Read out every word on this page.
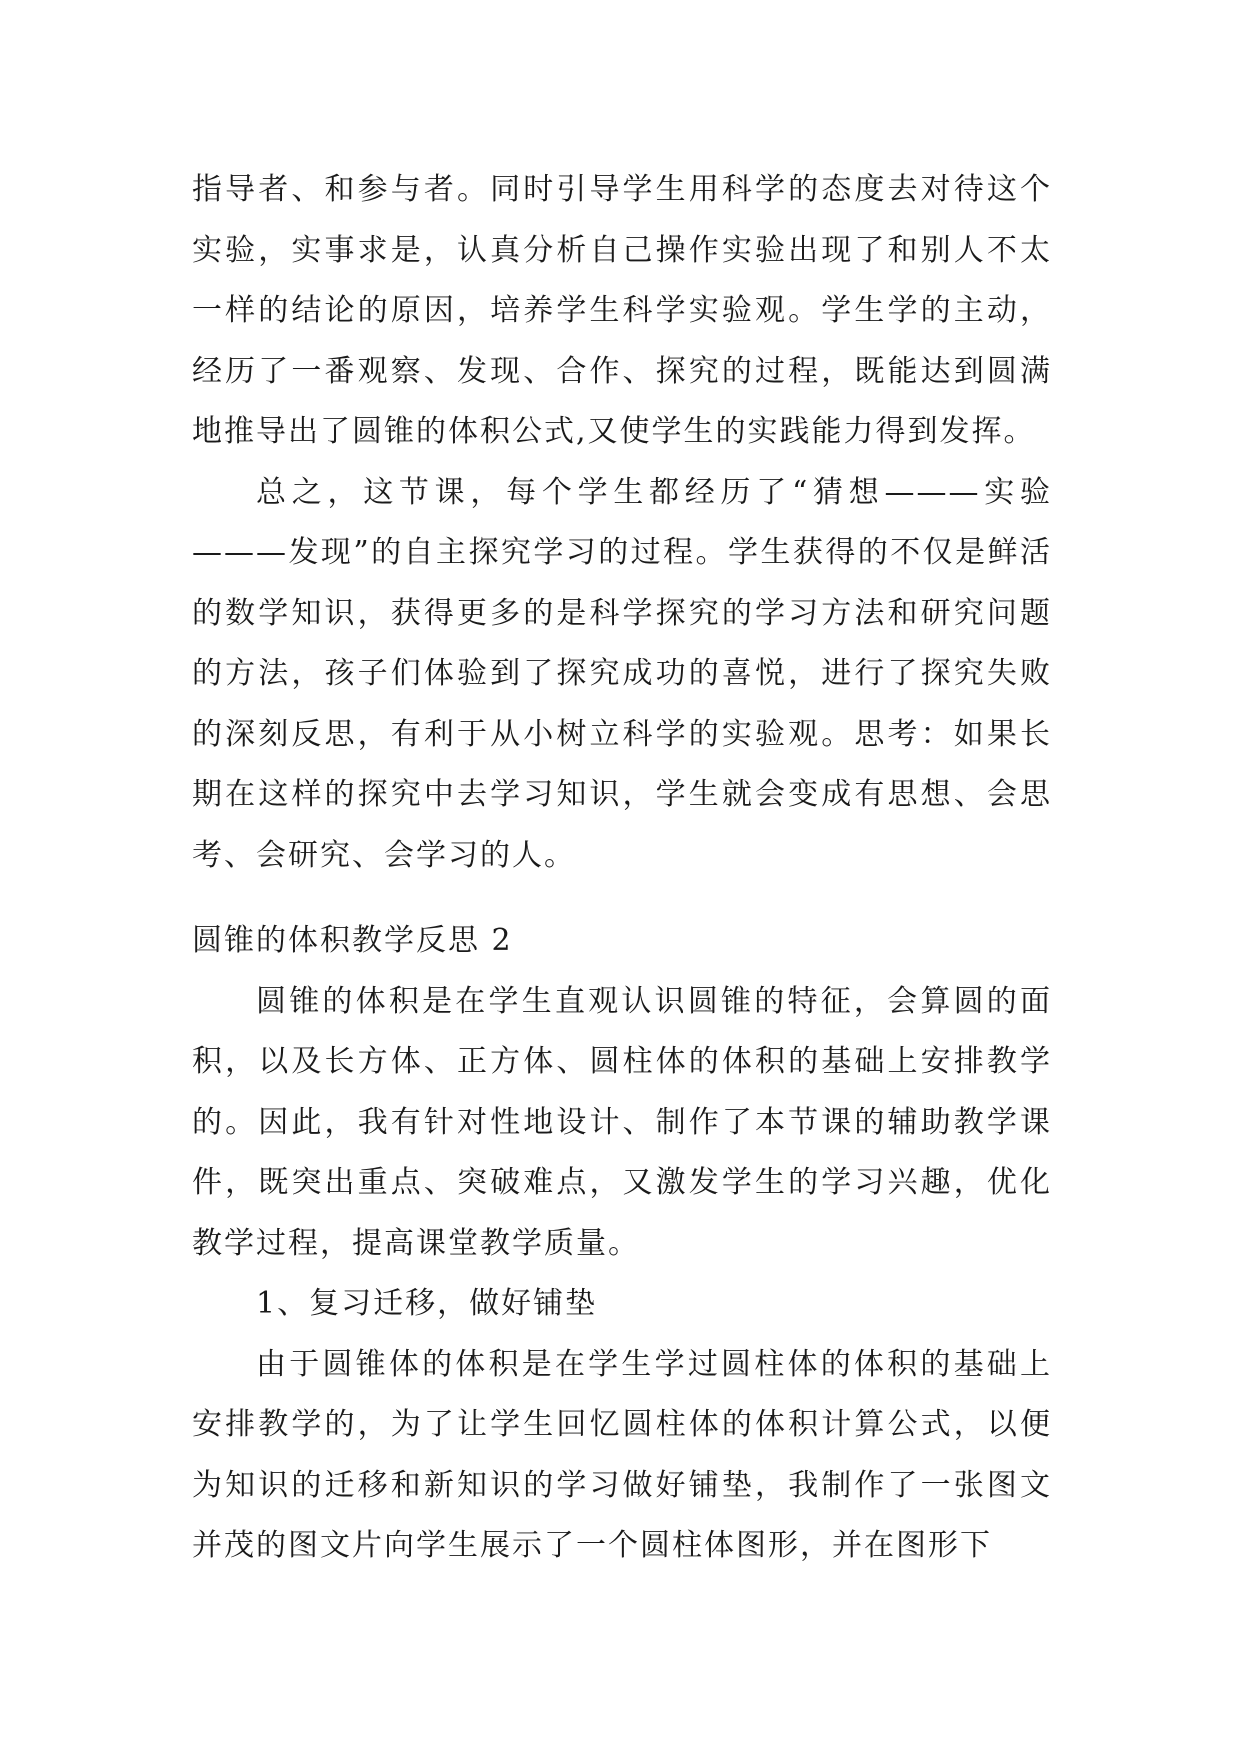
指导者、和参与者。同时引导学生用科学的态度去对待这个实验，实事求是，认真分析自己操作实验出现了和别人不太一样的结论的原因，培养学生科学实验观。学生学的主动，经历了一番观察、发现、合作、探究的过程，既能达到圆满地推导出了圆锥的体积公式,又使学生的实践能力得到发挥。

总之，这节课，每个学生都经历了“猜想———实验———发现”的自主探究学习的过程。学生获得的不仅是鲜活的数学知识，获得更多的是科学探究的学习方法和研究问题的方法，孩子们体验到了探究成功的喜悦，进行了探究失败的深刻反思，有利于从小树立科学的实验观。思考：如果长期在这样的探究中去学习知识，学生就会变成有思想、会思考、会研究、会学习的人。

圆锥的体积教学反思 2

圆锥的体积是在学生直观认识圆锥的特征，会算圆的面积，以及长方体、正方体、圆柱体的体积的基础上安排教学的。因此，我有针对性地设计、制作了本节课的辅助教学课件，既突出重点、突破难点，又激发学生的学习兴趣，优化教学过程，提高课堂教学质量。

1、复习迁移，做好铺垫

由于圆锥体的体积是在学生学过圆柱体的体积的基础上安排教学的，为了让学生回忆圆柱体的体积计算公式，以便为知识的迁移和新知识的学习做好铺垫，我制作了一张图文并茂的图文片向学生展示了一个圆柱体图形，并在图形下
